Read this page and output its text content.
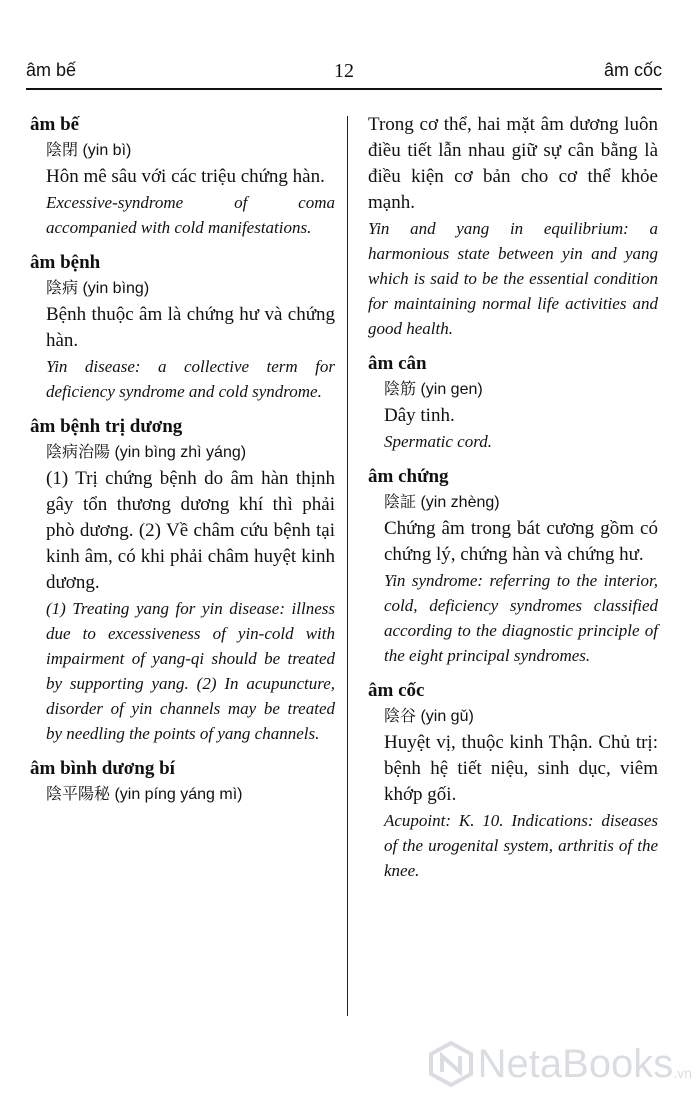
âm bế	12	âm cốc
âm bế
陰閉 (yin bì)
Hôn mê sâu với các triệu chứng hàn.
Excessive-syndrome of coma accompanied with cold manifestations.
âm bệnh
陰病 (yin bìng)
Bệnh thuộc âm là chứng hư và chứng hàn.
Yin disease: a collective term for deficiency syndrome and cold syndrome.
âm bệnh trị dương
陰病治陽 (yin bìng zhì yáng)
(1) Trị chứng bệnh do âm hàn thịnh gây tổn thương dương khí thì phải phò dương. (2) Về châm cứu bệnh tại kinh âm, có khi phải châm huyệt kinh dương.
(1) Treating yang for yin disease: illness due to excessiveness of yin-cold with impairment of yang-qi should be treated by supporting yang. (2) In acupuncture, disorder of yin channels may be treated by needling the points of yang channels.
âm bình dương bí
陰平陽秘 (yin píng yáng mì)
Trong cơ thể, hai mặt âm dương luôn điều tiết lẫn nhau giữ sự cân bằng là điều kiện cơ bản cho cơ thể khỏe mạnh.
Yin and yang in equilibrium: a harmonious state between yin and yang which is said to be the essential condition for maintaining normal life activities and good health.
âm cân
陰筋 (yin gen)
Dây tinh.
Spermatic cord.
âm chứng
陰証 (yin zhèng)
Chứng âm trong bát cương gồm có chứng lý, chứng hàn và chứng hư.
Yin syndrome: referring to the interior, cold, deficiency syndromes classified according to the diagnostic principle of the eight principal syndromes.
âm cốc
陰谷 (yin gǔ)
Huyệt vị, thuộc kinh Thận. Chủ trị: bệnh hệ tiết niệu, sinh dục, viêm khớp gối.
Acupoint: K. 10. Indications: diseases of the urogenital system, arthritis of the knee.
NetaBooks .vn
